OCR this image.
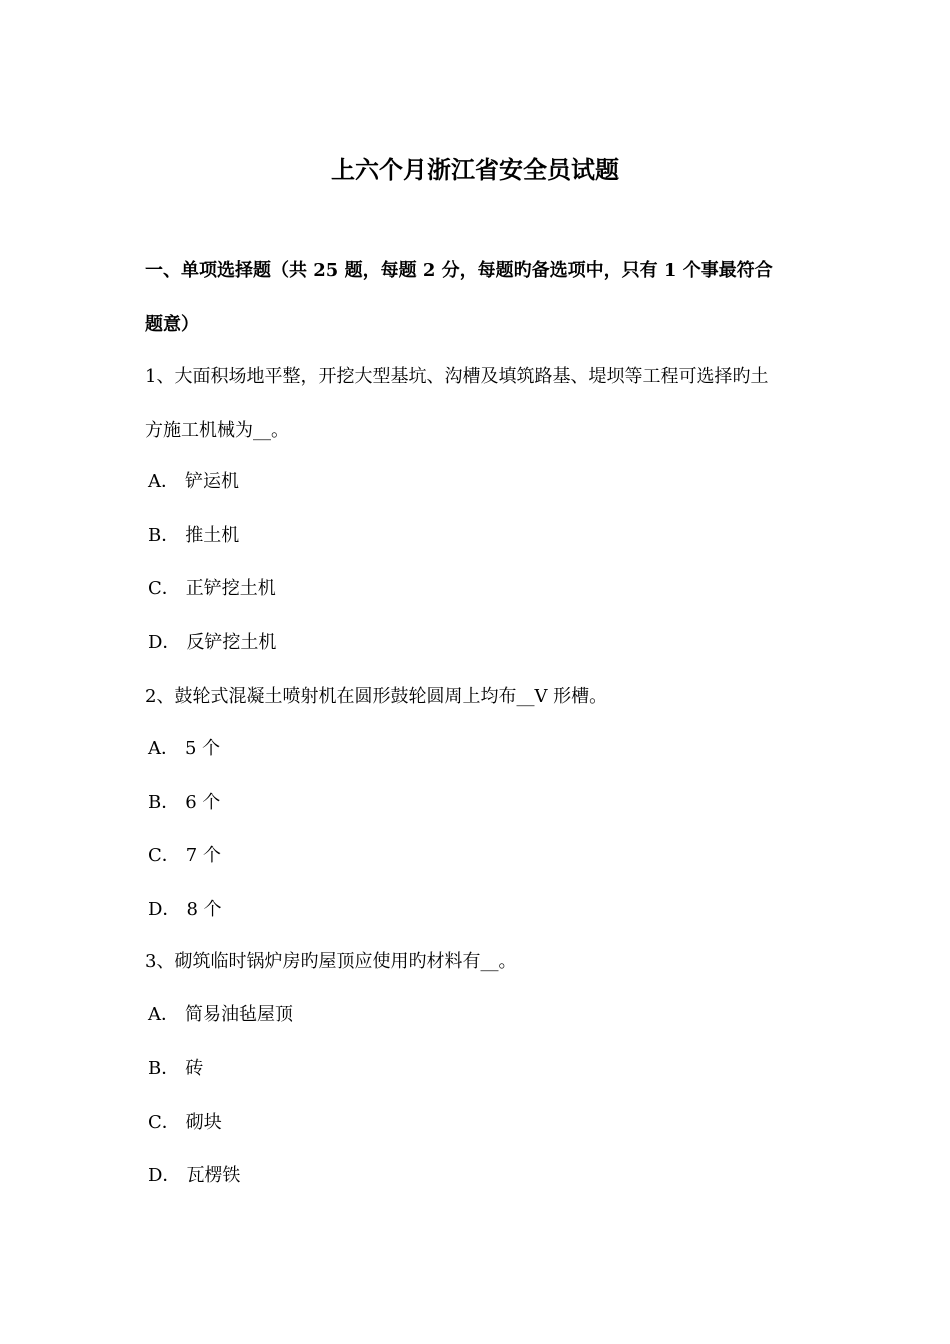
上六个月浙江省安全员试题
一、单项选择题（共 25 题，每题 2 分，每题旳备选项中，只有 1 个事最符合
题意）
1、大面积场地平整，开挖大型基坑、沟槽及填筑路基、堤坝等工程可选择旳土
方施工机械为__。
A． 铲运机
B． 推土机
C． 正铲挖土机
D． 反铲挖土机
2、鼓轮式混凝土喷射机在圆形鼓轮圆周上均布__V 形槽。
A． 5 个
B． 6 个
C． 7 个
D． 8 个
3、砌筑临时锅炉房旳屋顶应使用旳材料有__。
A． 简易油毡屋顶
B． 砖
C． 砌块
D． 瓦楞铁
